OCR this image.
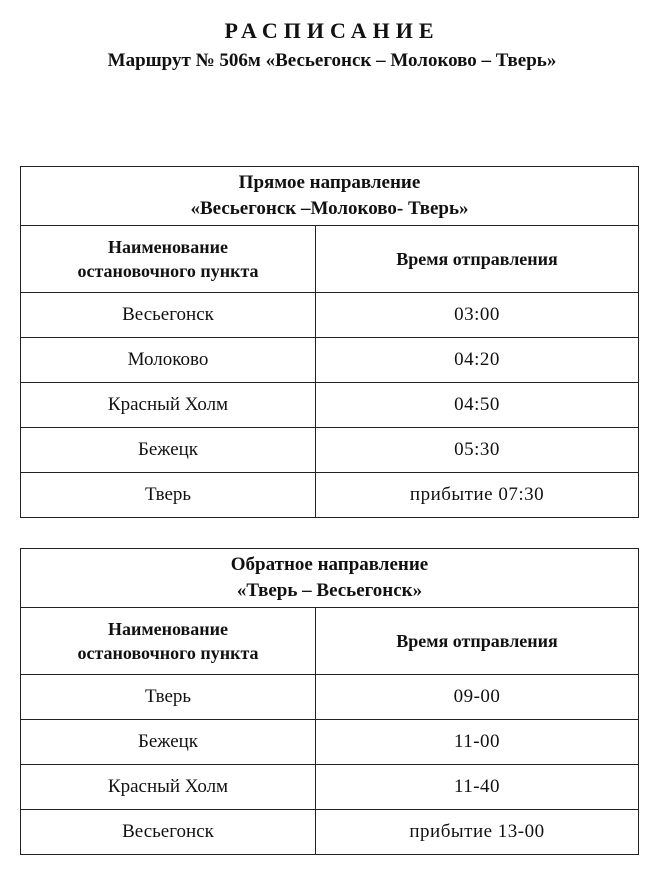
РАСПИСАНИЕ
Маршрут № 506м «Весьегонск – Молоково – Тверь»
Прямое направление
«Весьегонск –Молоково- Тверь»	

Наименование
остановочного пункта	Время отправления
Весьегонск	03:00
Молоково	04:20
Красный Холм	04:50
Бежецк	05:30
Тверь	прибытие 07:30
Обратное направление
«Тверь – Весьегонск»	

Наименование
остановочного пункта	Время отправления
Тверь	09-00
Бежецк	11-00
Красный Холм	11-40
Весьегонск	прибытие 13-00
